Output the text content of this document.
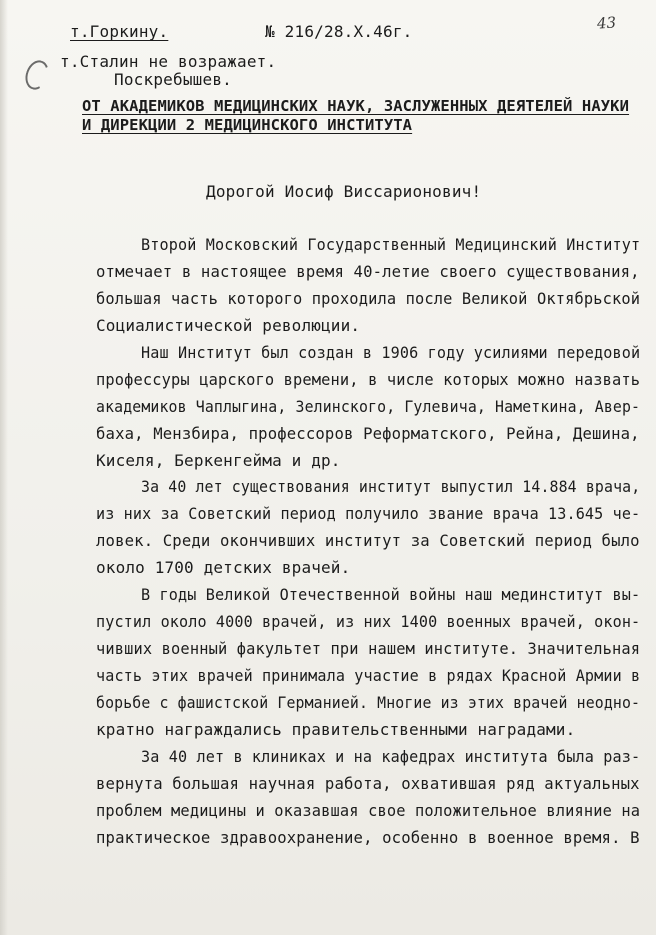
т.Горкину.	№ 216/28.Х.46г.	43
т.Сталин не возражает.
Поскребышев.
ОТ АКАДЕМИКОВ МЕДИЦИНСКИХ НАУК, ЗАСЛУЖЕННЫХ ДЕЯТЕЛЕЙ НАУКИ
И ДИРЕКЦИИ 2 МЕДИЦИНСКОГО ИНСТИТУТА
Дорогой Иосиф Виссарионович!
Второй Московский Государственный Медицинский Институт
отмечает в настоящее время 40-летие своего существования,
большая часть которого проходила после Великой Октябрьской
Социалистической революции.
Наш Институт был создан в 1906 году усилиями передовой
профессуры царского времени, в числе которых можно назвать
академиков Чаплыгина, Зелинского, Гулевича, Наметкина, Авер-
баха, Мензбира, профессоров Реформатского, Рейна, Дешина,
Киселя, Беркенгейма и др.
За 40 лет существования институт выпустил 14.884 врача,
из них за Советский период получило звание врача 13.645 че-
ловек. Среди окончивших институт за Советский период было
около 1700 детских врачей.
В годы Великой Отечественной войны наш мединститут вы-
пустил около 4000 врачей, из них 1400 военных врачей, окон-
чивших военный факультет при нашем институте. Значительная
часть этих врачей принимала участие в рядах Красной Армии в
борьбе с фашистской Германией. Многие из этих врачей неодно-
кратно награждались правительственными наградами.
За 40 лет в клиниках и на кафедрах института была раз-
вернута большая научная работа, охватившая ряд актуальных
проблем медицины и оказавшая свое положительное влияние на
практическое здравоохранение, особенно в военное время. В
